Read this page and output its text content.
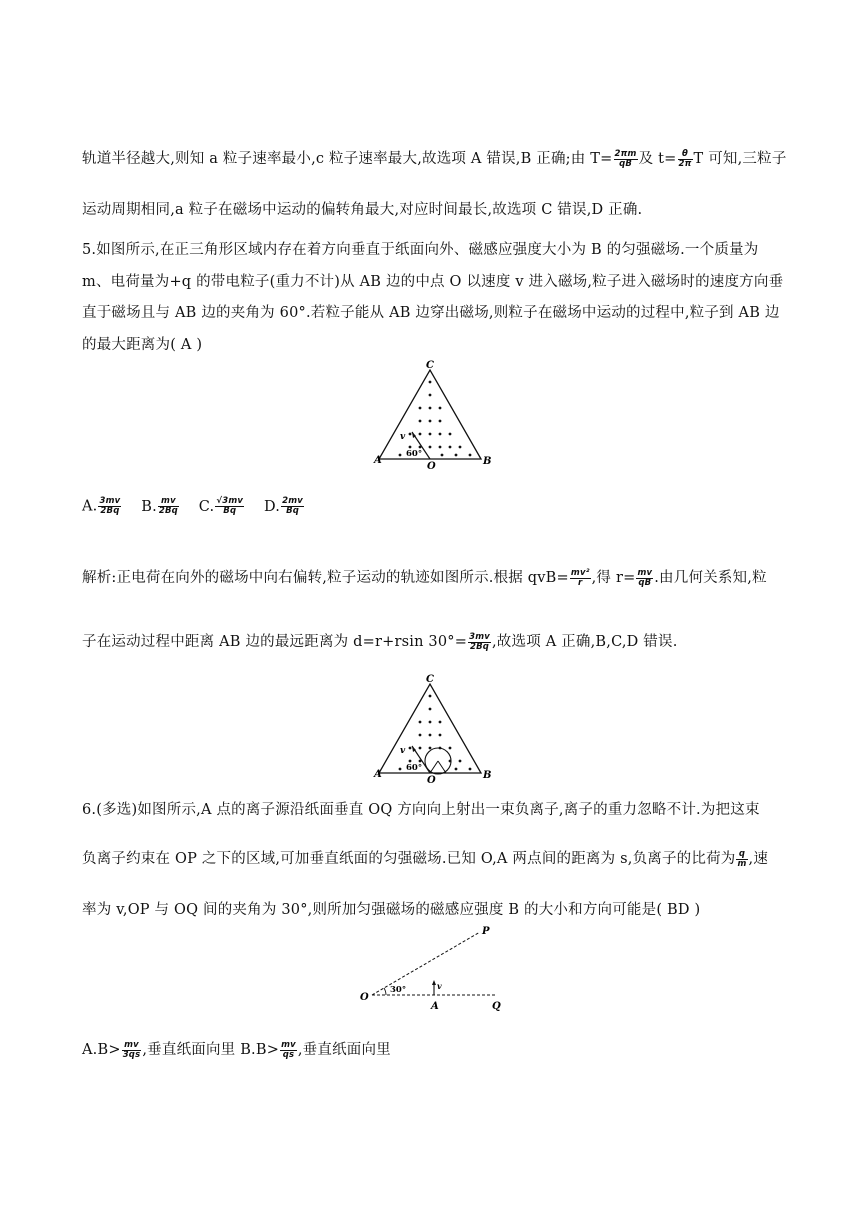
轨道半径越大,则知 a 粒子速率最小,c 粒子速率最大,故选项 A 错误,B 正确;由 $T= \frac{2\pi m}{qB}$ 及 $t= \frac{\theta}{2\pi}$ T 可知,三粒子
运动周期相同,a 粒子在磁场中运动的偏转角最大,对应时间最长,故选项 C 错误,D 正确.
5.如图所示,在正三角形区域内存在着方向垂直于纸面向外、磁感应强度大小为 B 的匀强磁场.一个质量为
m、电荷量为+q 的带电粒子(重力不计)从 AB 边的中点 O 以速度 v 进入磁场,粒子进入磁场时的速度方向垂
直于磁场且与 AB 边的夹角为 60°.若粒子能从 AB 边穿出磁场,则粒子在磁场中运动的过程中,粒子到 AB 边
的最大距离为( A )
A	B
C
O
v
60°
A. $\frac{3mv}{2Bq} B$. $\frac{mv}{2Bq} C$. $\frac{√3mv}{Bq} D$. $\frac{2mv}{Bq}$
解析:正电荷在向外的磁场中向右偏转,粒子运动的轨迹如图所示.根据 $qvB= \frac{\text{mv²}}{r}$ ,得 $r= \frac{mv}{qB}$ .由几何关系知,粒
子在运动过程中距离 AB 边的最远距离为 d=r+rsin $30^\circ= \frac{3mv}{2Bq}$ ,故选项 A 正确,B,C,D 错误.
A	B
C
O
v
60°
6.(多选)如图所示,A 点的离子源沿纸面垂直 OQ 方向向上射出一束负离子,离子的重力忽略不计.为把这束
负离子约束在 OP 之下的区域,可加垂直纸面的匀强磁场.已知 O,A 两点间的距离为 s,负离子的比荷为 $\frac{q}{m}$ ,速
率为 v,OP 与 OQ 间的夹角为 30°,则所加匀强磁场的磁感应强度 B 的大小和方向可能是( BD )
O
P
Q
A
v
30°
$A.B> \frac{mv}{3qs}$ ,垂直纸面向里 $B.B> \frac{mv}{qs}$ ,垂直纸面向里
